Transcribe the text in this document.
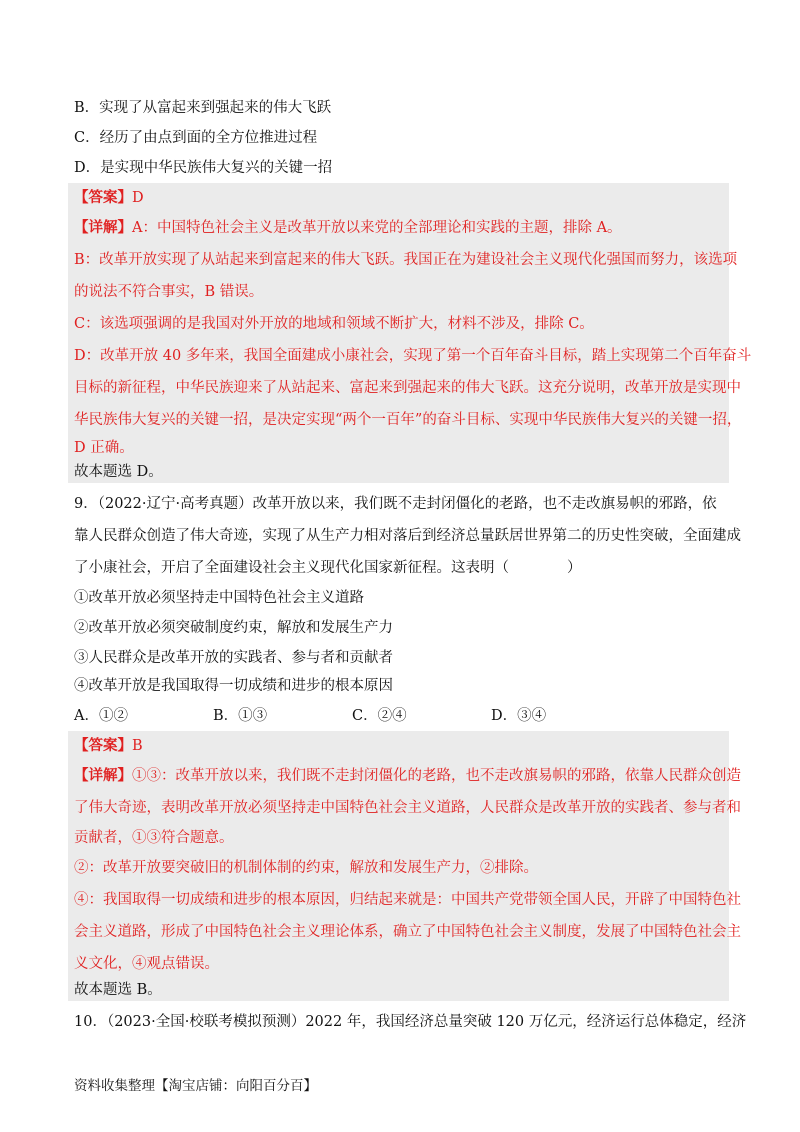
B．实现了从富起来到强起来的伟大飞跃
C．经历了由点到面的全方位推进过程
D．是实现中华民族伟大复兴的关键一招
【答案】D
【详解】A：中国特色社会主义是改革开放以来党的全部理论和实践的主题，排除 A。
B：改革开放实现了从站起来到富起来的伟大飞跃。我国正在为建设社会主义现代化强国而努力，该选项
的说法不符合事实，B 错误。
C：该选项强调的是我国对外开放的地域和领域不断扩大，材料不涉及，排除 C。
D：改革开放 40 多年来，我国全面建成小康社会，实现了第一个百年奋斗目标，踏上实现第二个百年奋斗
目标的新征程，中华民族迎来了从站起来、富起来到强起来的伟大飞跃。这充分说明，改革开放是实现中
华民族伟大复兴的关键一招，是决定实现“两个一百年”的奋斗目标、实现中华民族伟大复兴的关键一招，
D 正确。
故本题选 D。
9．（2022·辽宁·高考真题）改革开放以来，我们既不走封闭僵化的老路，也不走改旗易帜的邪路，依
靠人民群众创造了伟大奇迹，实现了从生产力相对落后到经济总量跃居世界第二的历史性突破，全面建成
了小康社会，开启了全面建设社会主义现代化国家新征程。这表明（　　　　）
①改革开放必须坚持走中国特色社会主义道路
②改革开放必须突破制度约束，解放和发展生产力
③人民群众是改革开放的实践者、参与者和贡献者
④改革开放是我国取得一切成绩和进步的根本原因
A．①②	B．①③	C．②④	D．③④
【答案】B
【详解】①③：改革开放以来，我们既不走封闭僵化的老路，也不走改旗易帜的邪路，依靠人民群众创造
了伟大奇迹，表明改革开放必须坚持走中国特色社会主义道路，人民群众是改革开放的实践者、参与者和
贡献者，①③符合题意。
②：改革开放要突破旧的机制体制的约束，解放和发展生产力，②排除。
④：我国取得一切成绩和进步的根本原因，归结起来就是：中国共产党带领全国人民，开辟了中国特色社
会主义道路，形成了中国特色社会主义理论体系，确立了中国特色社会主义制度，发展了中国特色社会主
义文化，④观点错误。
故本题选 B。
10．（2023·全国·校联考模拟预测）2022 年，我国经济总量突破 120 万亿元，经济运行总体稳定，经济
资料收集整理【淘宝店铺：向阳百分百】
